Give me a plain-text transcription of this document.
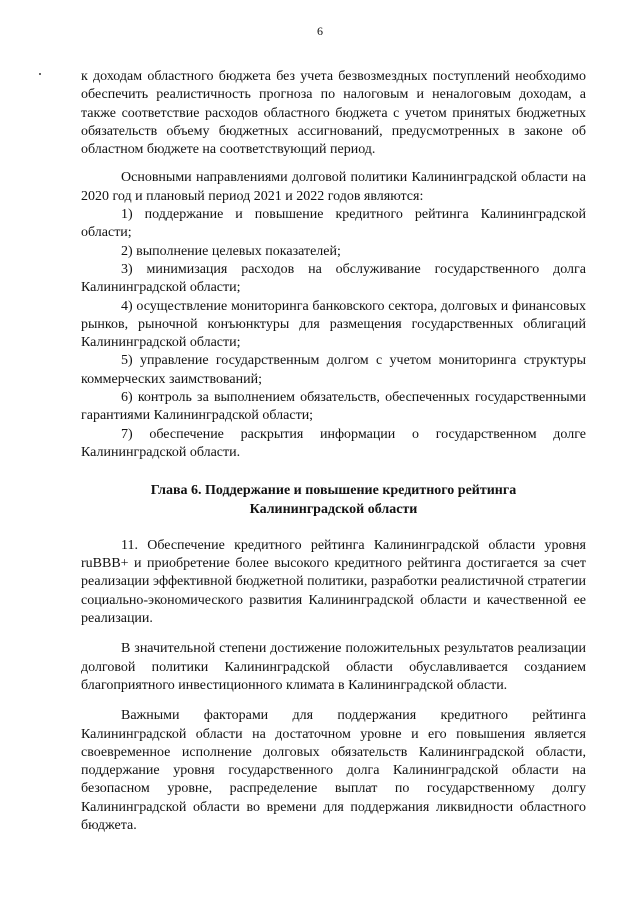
6

к доходам областного бюджета без учета безвозмездных поступлений необходимо обеспечить реалистичность прогноза по налоговым и неналоговым доходам, а также соответствие расходов областного бюджета с учетом принятых бюджетных обязательств объему бюджетных ассигнований, предусмотренных в законе об областном бюджете на соответствующий период.

Основными направлениями долговой политики Калининградской области на 2020 год и плановый период 2021 и 2022 годов являются:

1) поддержание и повышение кредитного рейтинга Калининградской области;

2) выполнение целевых показателей;

3) минимизация расходов на обслуживание государственного долга Калининградской области;

4) осуществление мониторинга банковского сектора, долговых и финансовых рынков, рыночной конъюнктуры для размещения государственных облигаций Калининградской области;

5) управление государственным долгом с учетом мониторинга структуры коммерческих заимствований;

6) контроль за выполнением обязательств, обеспеченных государственными гарантиями Калининградской области;

7) обеспечение раскрытия информации о государственном долге Калининградской области.

Глава 6. Поддержание и повышение кредитного рейтинга
Калининградской области

11. Обеспечение кредитного рейтинга Калининградской области уровня ruBBB+ и приобретение более высокого кредитного рейтинга достигается за счет реализации эффективной бюджетной политики, разработки реалистичной стратегии социально-экономического развития Калининградской области и качественной ее реализации.

В значительной степени достижение положительных результатов реализации долговой политики Калининградской области обуславливается созданием благоприятного инвестиционного климата в Калининградской области.

Важными факторами для поддержания кредитного рейтинга Калининградской области на достаточном уровне и его повышения является своевременное исполнение долговых обязательств Калининградской области, поддержание уровня государственного долга Калининградской области на безопасном уровне, распределение выплат по государственному долгу Калининградской области во времени для поддержания ликвидности областного бюджета.
